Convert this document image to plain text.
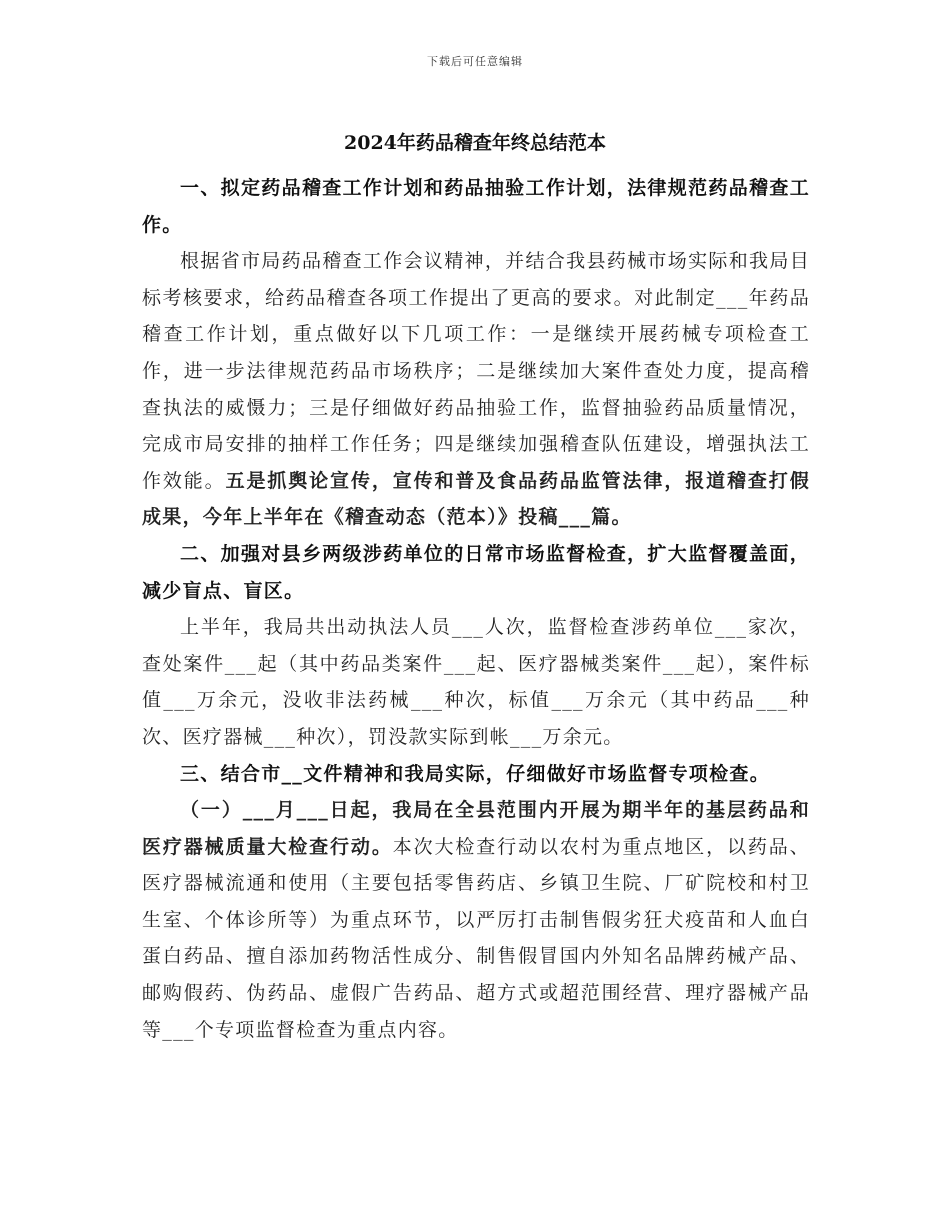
下载后可任意编辑
2024年药品稽查年终总结范本

一、拟定药品稽查工作计划和药品抽验工作计划，法律规范药品稽查工作。

根据省市局药品稽查工作会议精神，并结合我县药械市场实际和我局目标考核要求，给药品稽查各项工作提出了更高的要求。对此制定___年药品稽查工作计划，重点做好以下几项工作：一是继续开展药械专项检查工作，进一步法律规范药品市场秩序；二是继续加大案件查处力度，提高稽查执法的威慑力；三是仔细做好药品抽验工作，监督抽验药品质量情况，完成市局安排的抽样工作任务；四是继续加强稽查队伍建设，增强执法工作效能。五是抓舆论宣传，宣传和普及食品药品监管法律，报道稽查打假成果，今年上半年在《稽查动态（范本）》投稿___篇。

二、加强对县乡两级涉药单位的日常市场监督检查，扩大监督覆盖面，减少盲点、盲区。

上半年，我局共出动执法人员___人次，监督检查涉药单位___家次，查处案件___起（其中药品类案件___起、医疗器械类案件___起），案件标值___万余元，没收非法药械___种次，标值___万余元（其中药品___种次、医疗器械___种次），罚没款实际到帐___万余元。

三、结合市__文件精神和我局实际，仔细做好市场监督专项检查。

（一）___月___日起，我局在全县范围内开展为期半年的基层药品和医疗器械质量大检查行动。本次大检查行动以农村为重点地区，以药品、医疗器械流通和使用（主要包括零售药店、乡镇卫生院、厂矿院校和村卫生室、个体诊所等）为重点环节，以严厉打击制售假劣狂犬疫苗和人血白蛋白药品、擅自添加药物活性成分、制售假冒国内外知名品牌药械产品、邮购假药、伪药品、虚假广告药品、超方式或超范围经营、理疗器械产品等___个专项监督检查为重点内容。
